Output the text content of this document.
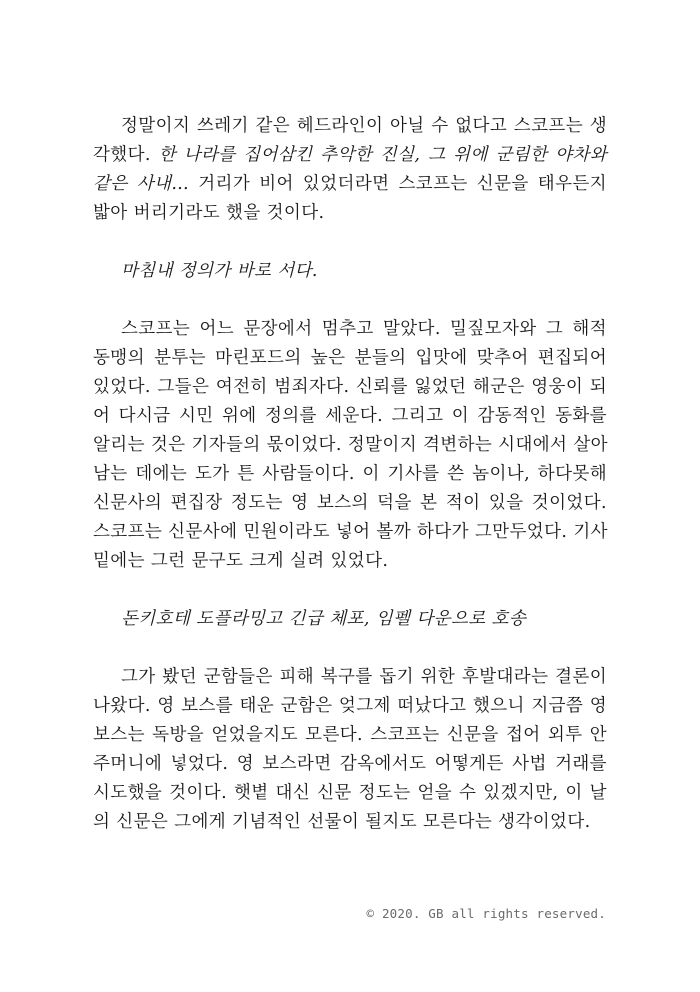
정말이지 쓰레기 같은 헤드라인이 아닐 수 없다고 스코프는 생
각했다. 한 나라를 집어삼킨 추악한 진실, 그 위에 군림한 야차와
같은 사내… 거리가 비어 있었더라면 스코프는 신문을 태우든지
밟아 버리기라도 했을 것이다.

마침내 정의가 바로 서다.

스코프는 어느 문장에서 멈추고 말았다. 밀짚모자와 그 해적
동맹의 분투는 마린포드의 높은 분들의 입맛에 맞추어 편집되어
있었다. 그들은 여전히 범죄자다. 신뢰를 잃었던 해군은 영웅이 되
어 다시금 시민 위에 정의를 세운다. 그리고 이 감동적인 동화를
알리는 것은 기자들의 몫이었다. 정말이지 격변하는 시대에서 살아
남는 데에는 도가 튼 사람들이다. 이 기사를 쓴 놈이나, 하다못해
신문사의 편집장 정도는 영 보스의 덕을 본 적이 있을 것이었다.
스코프는 신문사에 민원이라도 넣어 볼까 하다가 그만두었다. 기사
밑에는 그런 문구도 크게 실려 있었다.

돈키호테 도플라밍고 긴급 체포, 임펠 다운으로 호송

그가 봤던 군함들은 피해 복구를 돕기 위한 후발대라는 결론이
나왔다. 영 보스를 태운 군함은 엊그제 떠났다고 했으니 지금쯤 영
보스는 독방을 얻었을지도 모른다. 스코프는 신문을 접어 외투 안
주머니에 넣었다. 영 보스라면 감옥에서도 어떻게든 사법 거래를
시도했을 것이다. 햇볕 대신 신문 정도는 얻을 수 있겠지만, 이 날
의 신문은 그에게 기념적인 선물이 될지도 모른다는 생각이었다.

© 2020. GB all rights reserved.
